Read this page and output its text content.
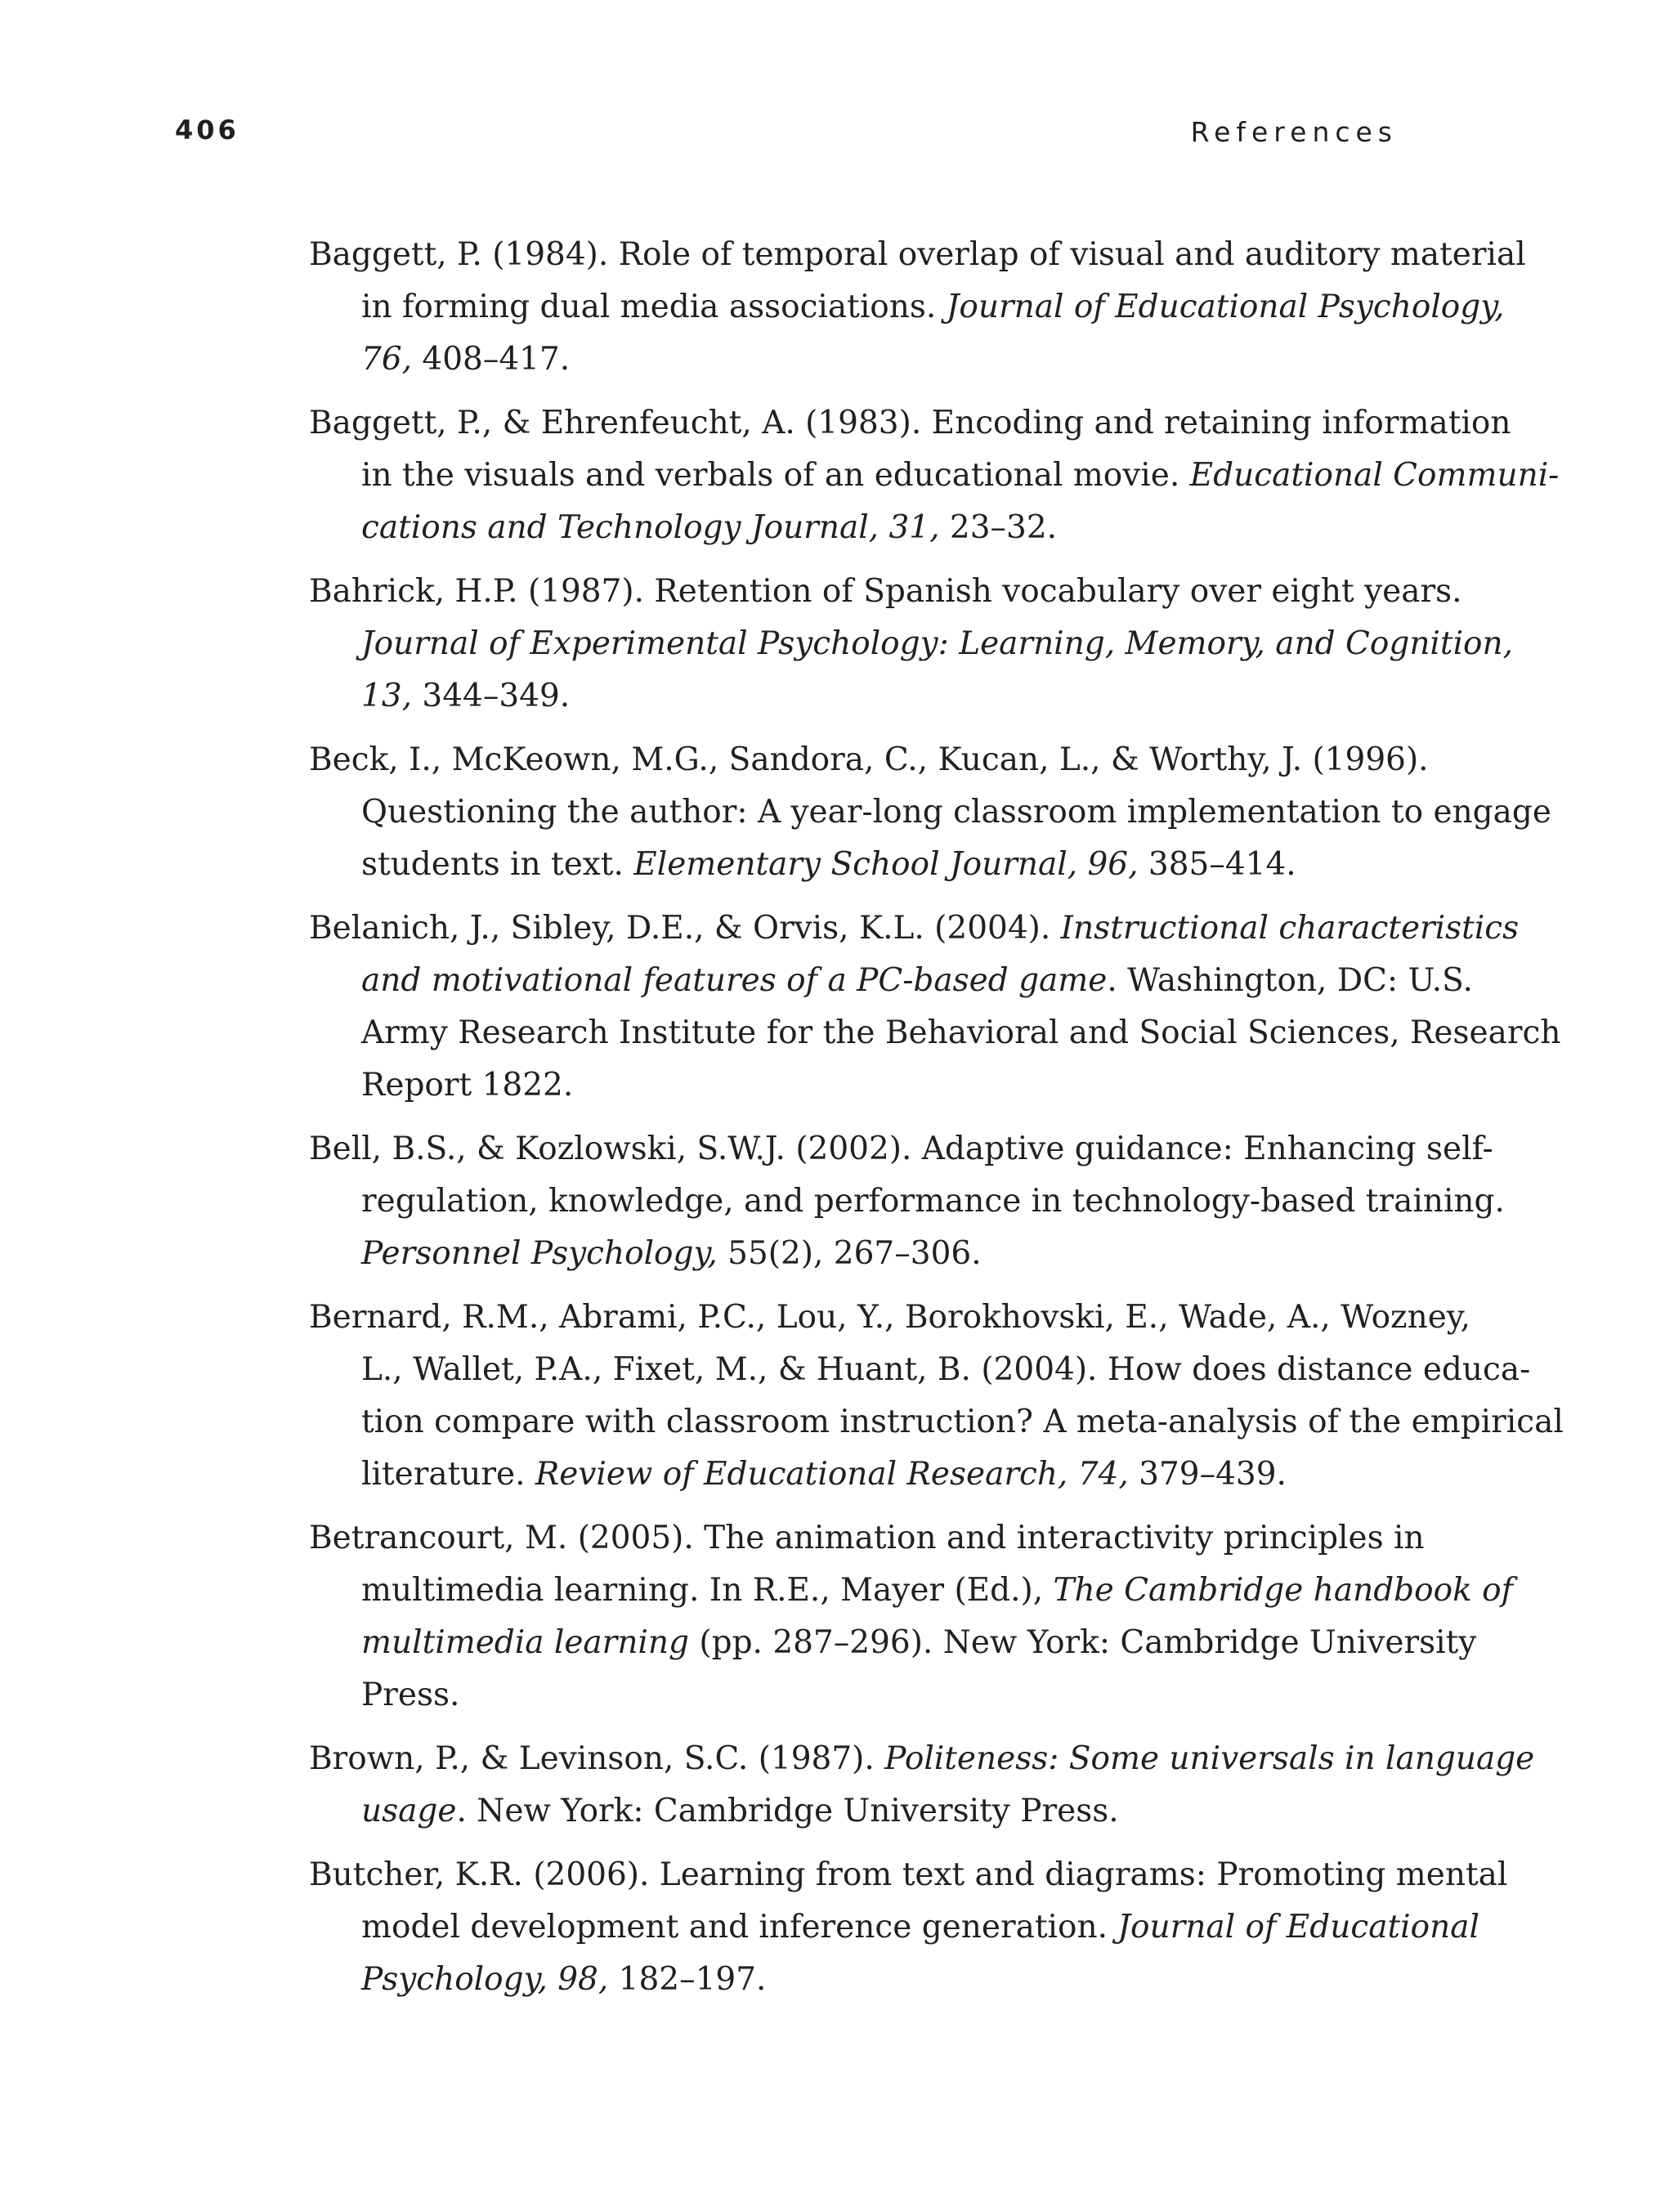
406	References
Baggett, P. (1984). Role of temporal overlap of visual and auditory material
in forming dual media associations. Journal of Educational Psychology,
76, 408–417.
Baggett, P., & Ehrenfeucht, A. (1983). Encoding and retaining information
in the visuals and verbals of an educational movie. Educational Communi-
cations and Technology Journal, 31, 23–32.
Bahrick, H.P. (1987). Retention of Spanish vocabulary over eight years.
Journal of Experimental Psychology: Learning, Memory, and Cognition,
13, 344–349.
Beck, I., McKeown, M.G., Sandora, C., Kucan, L., & Worthy, J. (1996).
Questioning the author: A year-long classroom implementation to engage
students in text. Elementary School Journal, 96, 385–414.
Belanich, J., Sibley, D.E., & Orvis, K.L. (2004). Instructional characteristics
and motivational features of a PC-based game. Washington, DC: U.S.
Army Research Institute for the Behavioral and Social Sciences, Research
Report 1822.
Bell, B.S., & Kozlowski, S.W.J. (2002). Adaptive guidance: Enhancing self-
regulation, knowledge, and performance in technology-based training.
Personnel Psychology, 55(2), 267–306.
Bernard, R.M., Abrami, P.C., Lou, Y., Borokhovski, E., Wade, A., Wozney,
L., Wallet, P.A., Fixet, M., & Huant, B. (2004). How does distance educa-
tion compare with classroom instruction? A meta-analysis of the empirical
literature. Review of Educational Research, 74, 379–439.
Betrancourt, M. (2005). The animation and interactivity principles in
multimedia learning. In R.E., Mayer (Ed.), The Cambridge handbook of
multimedia learning (pp. 287–296). New York: Cambridge University
Press.
Brown, P., & Levinson, S.C. (1987). Politeness: Some universals in language
usage. New York: Cambridge University Press.
Butcher, K.R. (2006). Learning from text and diagrams: Promoting mental
model development and inference generation. Journal of Educational
Psychology, 98, 182–197.
